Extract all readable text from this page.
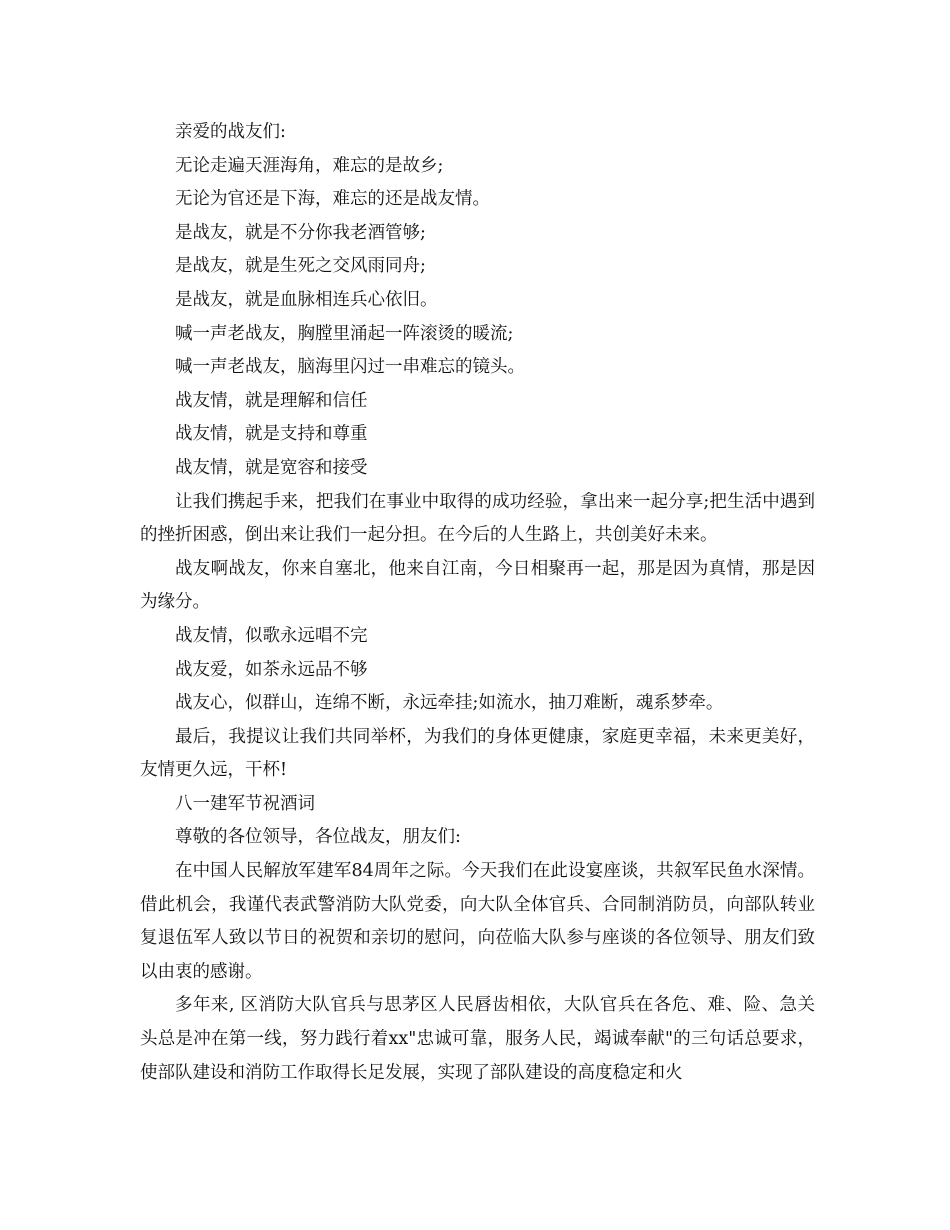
亲爱的战友们:

无论走遍天涯海角，难忘的是故乡;

无论为官还是下海，难忘的还是战友情。

是战友，就是不分你我老酒管够;

是战友，就是生死之交风雨同舟;

是战友，就是血脉相连兵心依旧。

喊一声老战友，胸膛里涌起一阵滚烫的暖流;

喊一声老战友，脑海里闪过一串难忘的镜头。

战友情，就是理解和信任

战友情，就是支持和尊重

战友情，就是宽容和接受

让我们携起手来，把我们在事业中取得的成功经验，拿出来一起分享;把生活中遇到的挫折困惑，倒出来让我们一起分担。在今后的人生路上，共创美好未来。

战友啊战友，你来自塞北，他来自江南，今日相聚再一起，那是因为真情，那是因为缘分。

战友情，似歌永远唱不完

战友爱，如茶永远品不够

战友心，似群山，连绵不断，永远牵挂;如流水，抽刀难断，魂系梦牵。

最后，我提议让我们共同举杯，为我们的身体更健康，家庭更幸福，未来更美好，友情更久远，干杯!

八一建军节祝酒词

尊敬的各位领导，各位战友，朋友们:

在中国人民解放军建军84周年之际。今天我们在此设宴座谈，共叙军民鱼水深情。借此机会，我谨代表武警消防大队党委，向大队全体官兵、合同制消防员，向部队转业复退伍军人致以节日的祝贺和亲切的慰问，向莅临大队参与座谈的各位领导、朋友们致以由衷的感谢。

多年来, 区消防大队官兵与思茅区人民唇齿相依，大队官兵在各危、难、险、急关头总是冲在第一线，努力践行着xx"忠诚可靠，服务人民，竭诚奉献"的三句话总要求，使部队建设和消防工作取得长足发展，实现了部队建设的高度稳定和火
